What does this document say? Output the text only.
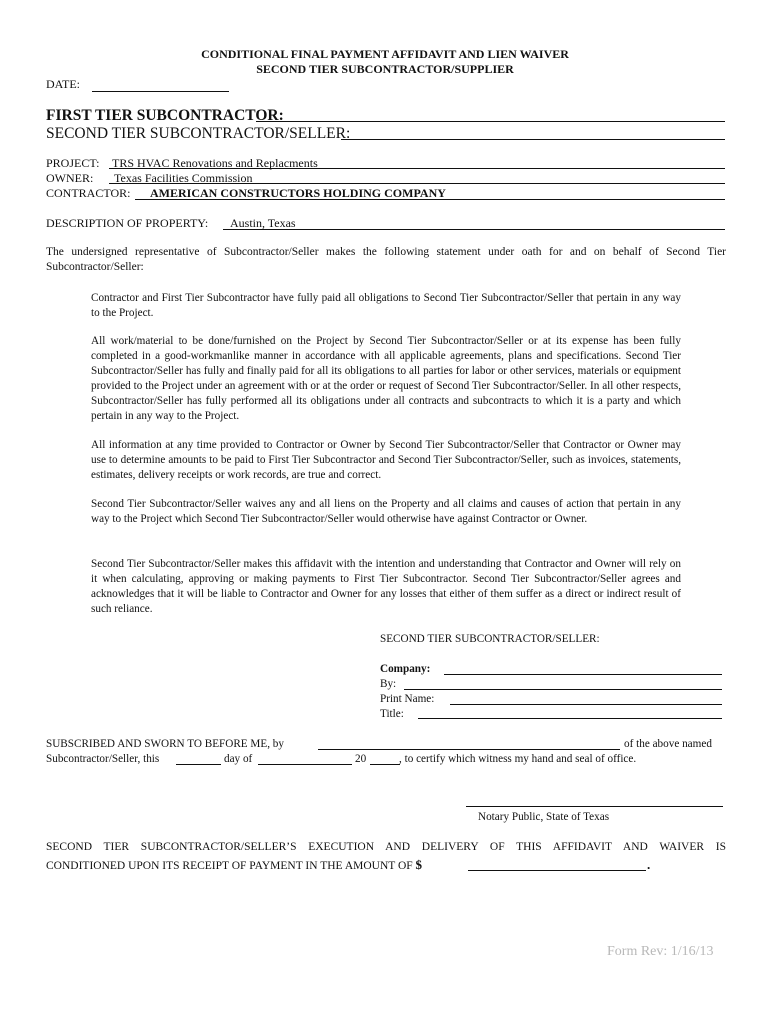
CONDITIONAL FINAL PAYMENT AFFIDAVIT AND LIEN WAIVER
SECOND TIER SUBCONTRACTOR/SUPPLIER
DATE:
FIRST TIER SUBCONTRACTOR:
SECOND TIER SUBCONTRACTOR/SELLER:
PROJECT: TRS HVAC Renovations and Replacments
OWNER: Texas Facilities Commission
CONTRACTOR: AMERICAN CONSTRUCTORS HOLDING COMPANY
DESCRIPTION OF PROPERTY: Austin, Texas
The undersigned representative of Subcontractor/Seller makes the following statement under oath for and on behalf of Second Tier Subcontractor/Seller:
Contractor and First Tier Subcontractor have fully paid all obligations to Second Tier Subcontractor/Seller that pertain in any way to the Project.
All work/material to be done/furnished on the Project by Second Tier Subcontractor/Seller or at its expense has been fully completed in a good-workmanlike manner in accordance with all applicable agreements, plans and specifications. Second Tier Subcontractor/Seller has fully and finally paid for all its obligations to all parties for labor or other services, materials or equipment provided to the Project under an agreement with or at the order or request of Second Tier Subcontractor/Seller. In all other respects, Subcontractor/Seller has fully performed all its obligations under all contracts and subcontracts to which it is a party and which pertain in any way to the Project.
All information at any time provided to Contractor or Owner by Second Tier Subcontractor/Seller that Contractor or Owner may use to determine amounts to be paid to First Tier Subcontractor and Second Tier Subcontractor/Seller, such as invoices, statements, estimates, delivery receipts or work records, are true and correct.
Second Tier Subcontractor/Seller waives any and all liens on the Property and all claims and causes of action that pertain in any way to the Project which Second Tier Subcontractor/Seller would otherwise have against Contractor or Owner.
Second Tier Subcontractor/Seller makes this affidavit with the intention and understanding that Contractor and Owner will rely on it when calculating, approving or making payments to First Tier Subcontractor. Second Tier Subcontractor/Seller agrees and acknowledges that it will be liable to Contractor and Owner for any losses that either of them suffer as a direct or indirect result of such reliance.
SECOND TIER SUBCONTRACTOR/SELLER:
Company:
By:
Print Name:
Title:
SUBSCRIBED AND SWORN TO BEFORE ME, by	of the above named
Subcontractor/Seller, this	day of	20	, to certify which witness my hand and seal of office.
Notary Public, State of Texas
SECOND TIER SUBCONTRACTOR/SELLER’S EXECUTION AND DELIVERY OF THIS AFFIDAVIT AND WAIVER IS
CONDITIONED UPON ITS RECEIPT OF PAYMENT IN THE AMOUNT OF $	.
Form Rev: 1/16/13
